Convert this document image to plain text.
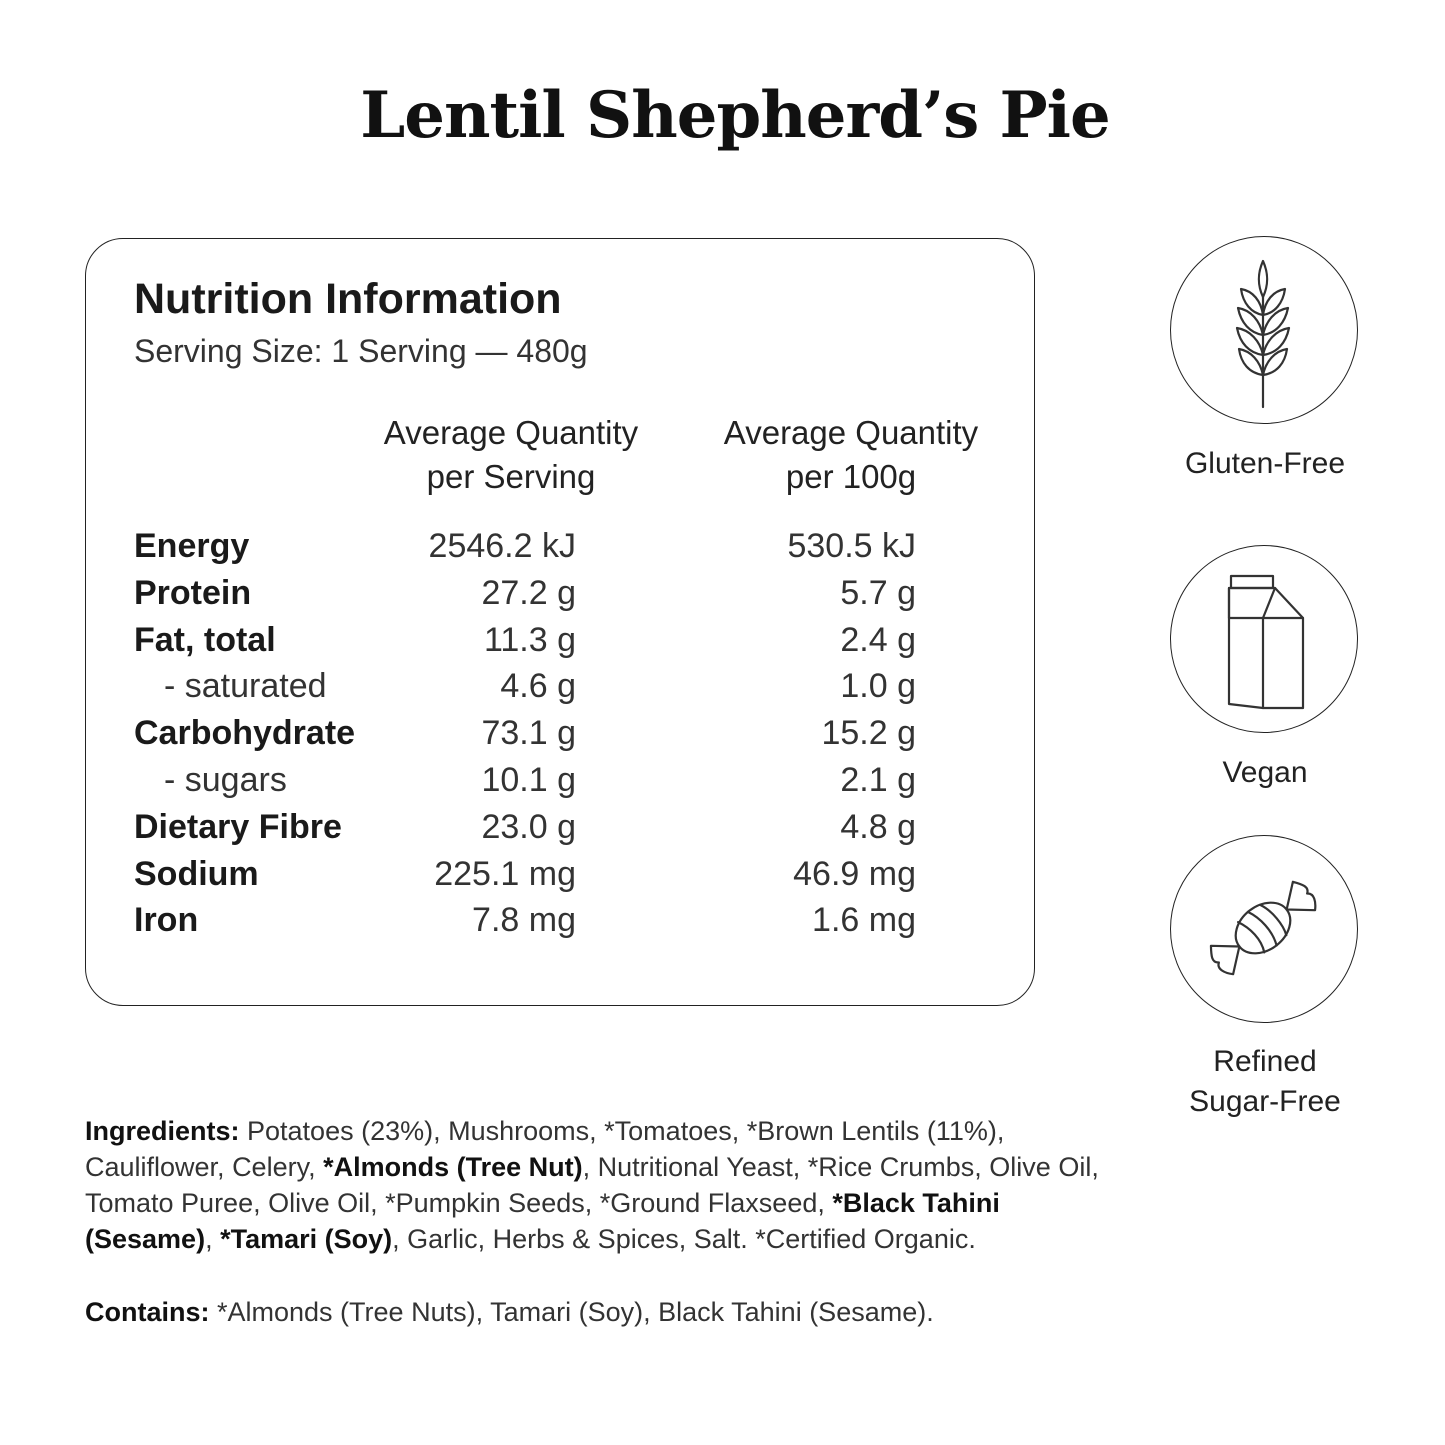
Lentil Shepherd’s Pie
Nutrition Information
Serving Size: 1 Serving — 480g
Average Quantity
per Serving
Average Quantity
per 100g
Energy	2546.2 kJ	530.5 kJ
Protein	27.2 g	5.7 g
Fat, total	11.3 g	2.4 g
- saturated	4.6 g	1.0 g
Carbohydrate	73.1 g	15.2 g
- sugars	10.1 g	2.1 g
Dietary Fibre	23.0 g	4.8 g
Sodium	225.1 mg	46.9 mg
Iron	7.8 mg	1.6 mg
Gluten-Free
Vegan
Refined
Sugar-Free
Ingredients: Potatoes (23%), Mushrooms, *Tomatoes, *Brown Lentils (11%), Cauliflower, Celery, *Almonds (Tree Nut), Nutritional Yeast, *Rice Crumbs, Olive Oil, Tomato Puree, Olive Oil, *Pumpkin Seeds, *Ground Flaxseed, *Black Tahini (Sesame), *Tamari (Soy), Garlic, Herbs & Spices, Salt. *Certified Organic.
Contains: *Almonds (Tree Nuts), Tamari (Soy), Black Tahini (Sesame).
